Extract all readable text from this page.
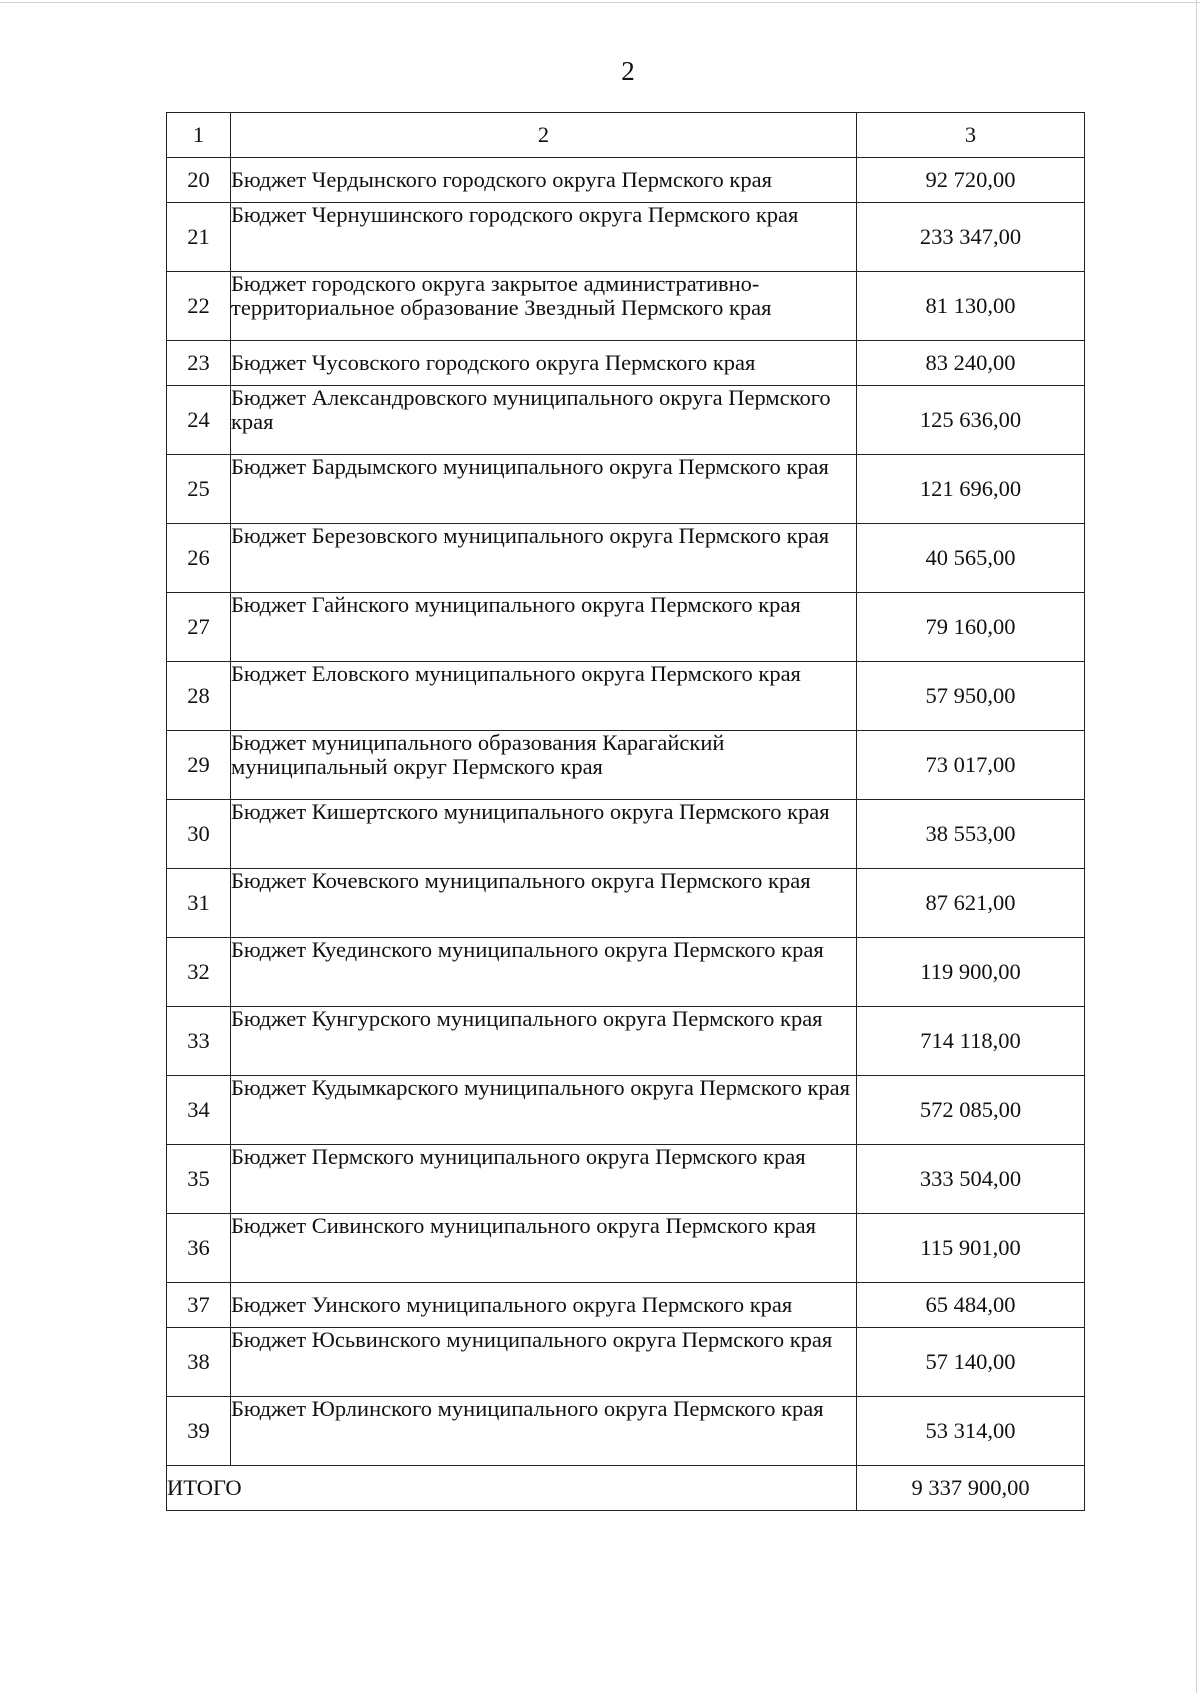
2
1	2	3
20	Бюджет Чердынского городского округа Пермского края	92 720,00
21	Бюджет Чернушинского городского округа Пермского края	233 347,00
22	Бюджет городского округа закрытое административно-территориальное образование Звездный Пермского края	81 130,00
23	Бюджет Чусовского городского округа Пермского края	83 240,00
24	Бюджет Александровского муниципального округа Пермского края	125 636,00
25	Бюджет Бардымского муниципального округа Пермского края	121 696,00
26	Бюджет Березовского муниципального округа Пермского края	40 565,00
27	Бюджет Гайнского муниципального округа Пермского края	79 160,00
28	Бюджет Еловского муниципального округа Пермского края	57 950,00
29	Бюджет муниципального образования Карагайский муниципальный округ Пермского края	73 017,00
30	Бюджет Кишертского муниципального округа Пермского края	38 553,00
31	Бюджет Кочевского муниципального округа Пермского края	87 621,00
32	Бюджет Куединского муниципального округа Пермского края	119 900,00
33	Бюджет Кунгурского муниципального округа Пермского края	714 118,00
34	Бюджет Кудымкарского муниципального округа Пермского края	572 085,00
35	Бюджет Пермского муниципального округа Пермского края	333 504,00
36	Бюджет Сивинского муниципального округа Пермского края	115 901,00
37	Бюджет Уинского муниципального округа Пермского края	65 484,00
38	Бюджет Юсьвинского муниципального округа Пермского края	57 140,00
39	Бюджет Юрлинского муниципального округа Пермского края	53 314,00
ИТОГО		9 337 900,00
